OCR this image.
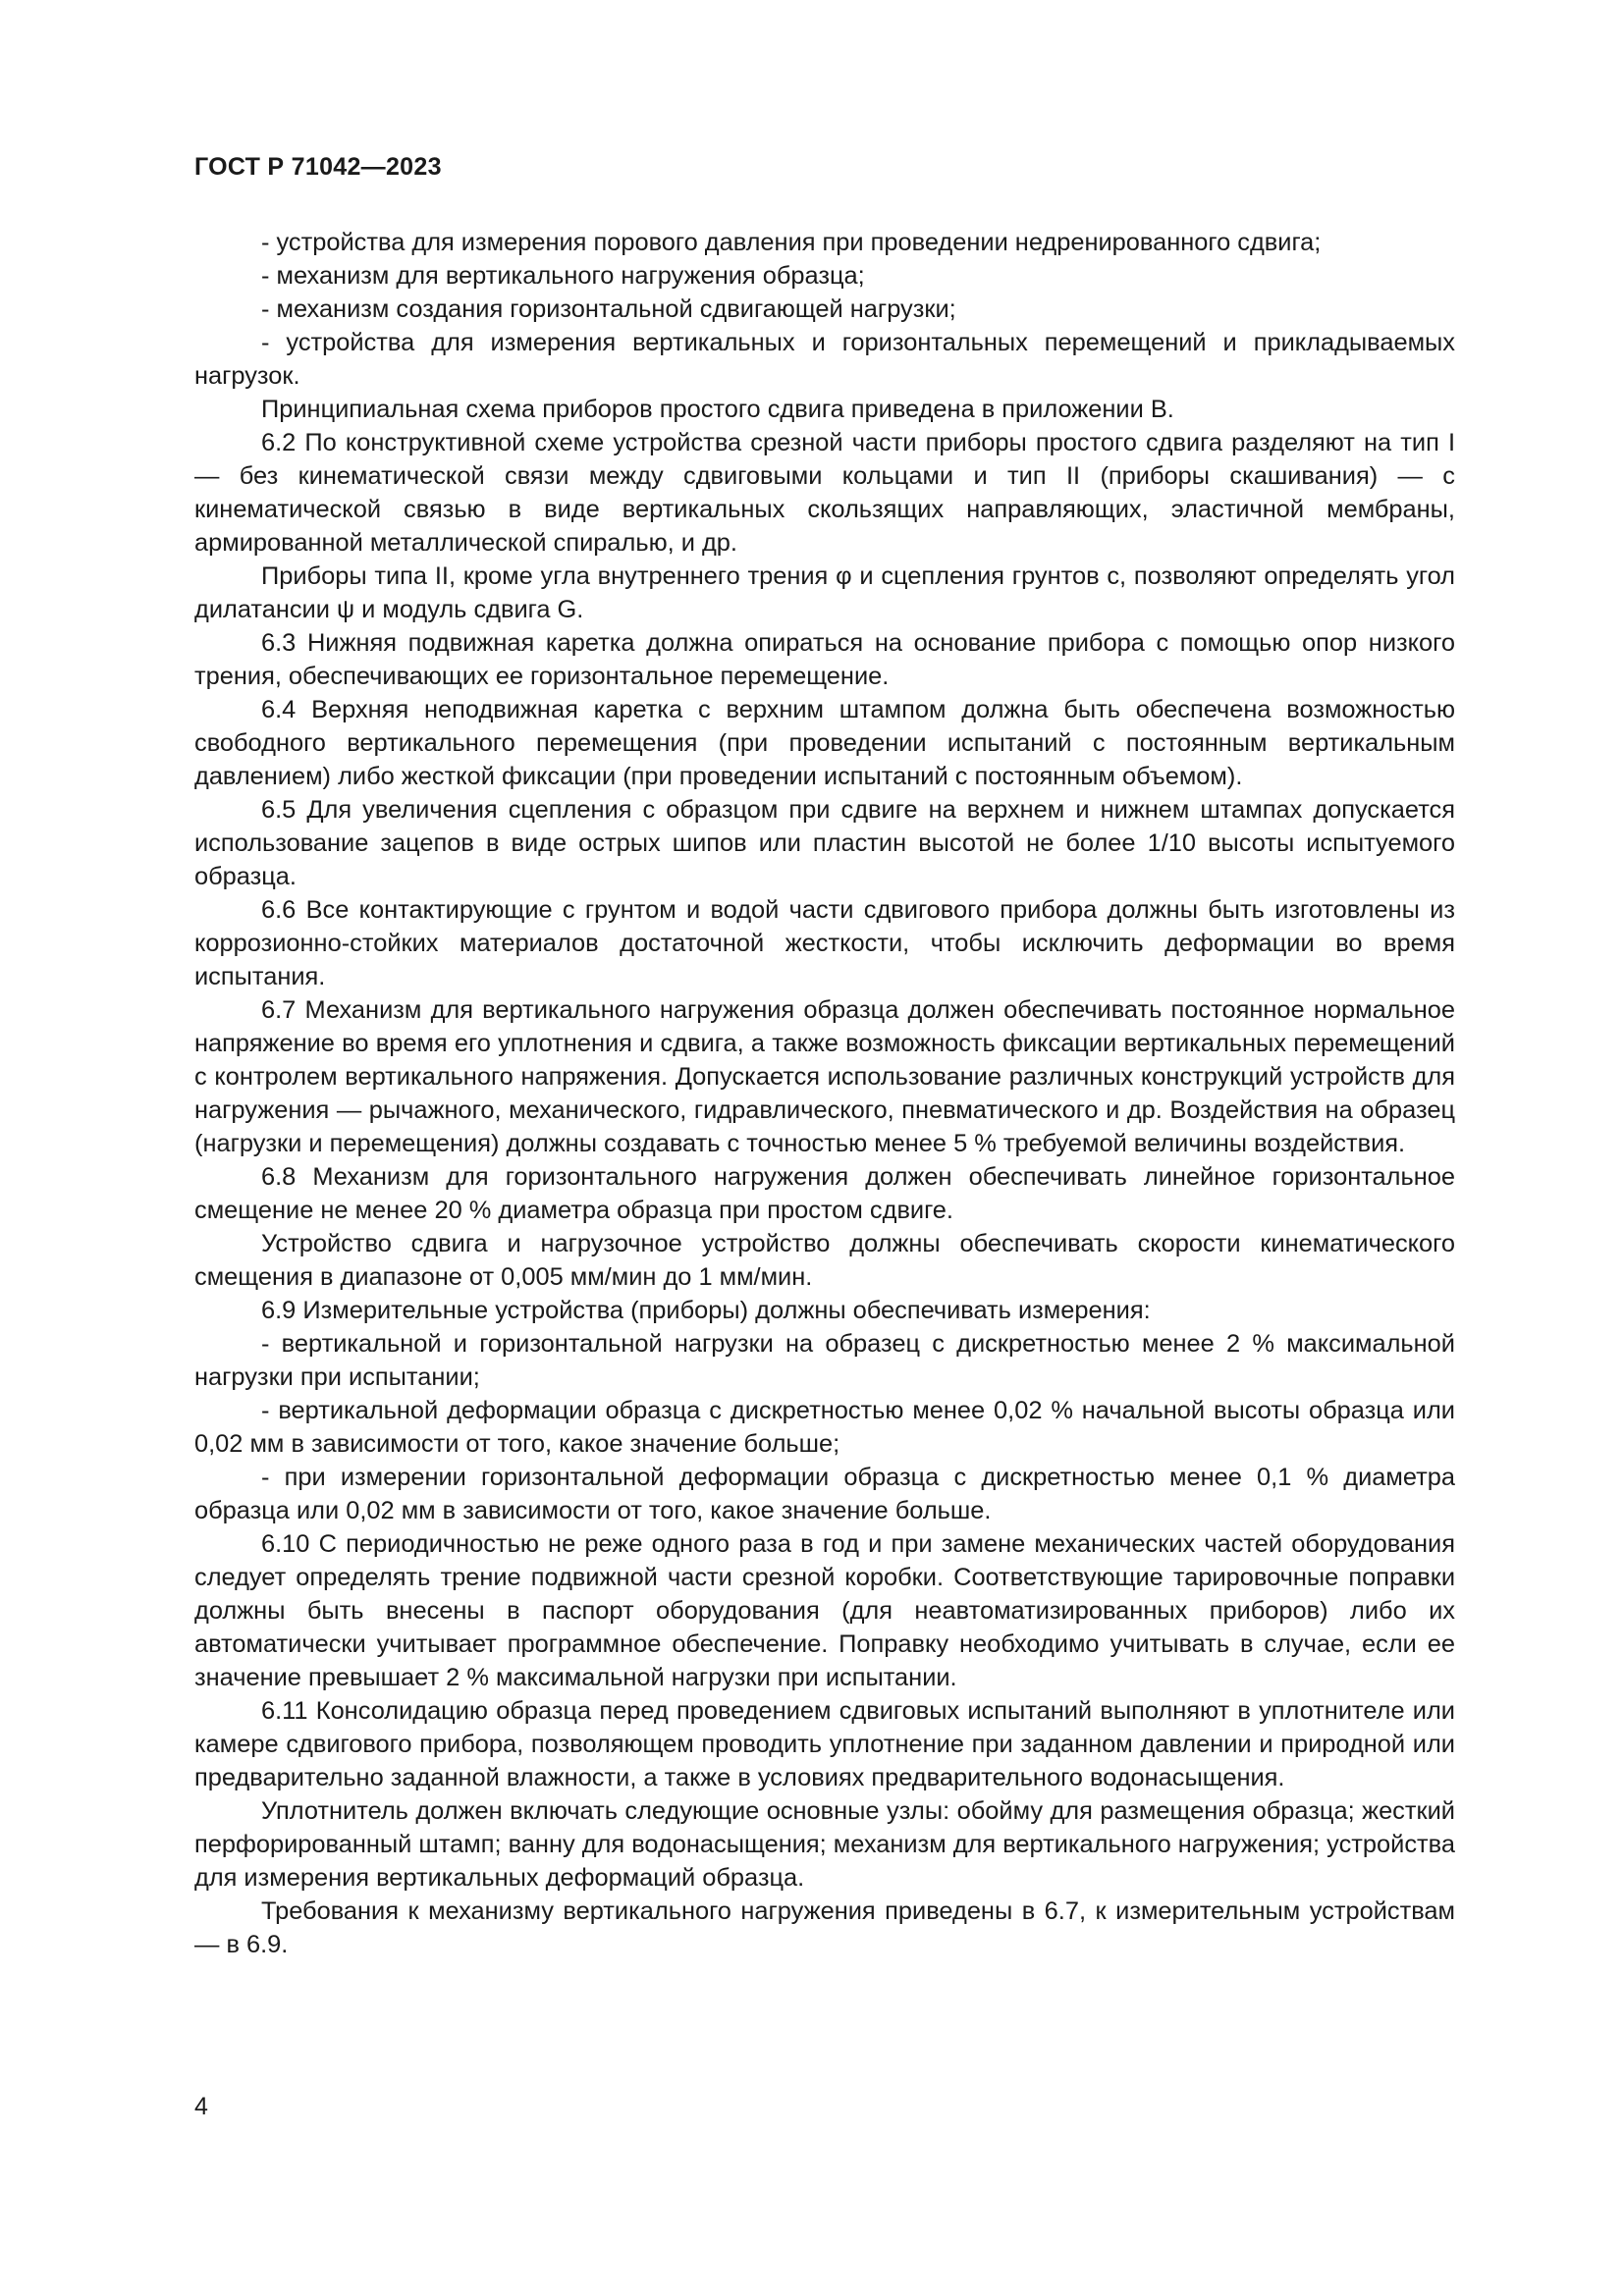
ГОСТ Р 71042—2023

- устройства для измерения порового давления при проведении недренированного сдвига;

- механизм для вертикального нагружения образца;

- механизм создания горизонтальной сдвигающей нагрузки;

- устройства для измерения вертикальных и горизонтальных перемещений и прикладываемых нагрузок.

Принципиальная схема приборов простого сдвига приведена в приложении В.

6.2 По конструктивной схеме устройства срезной части приборы простого сдвига разделяют на тип I — без кинематической связи между сдвиговыми кольцами и тип II (приборы скашивания) — с кинематической связью в виде вертикальных скользящих направляющих, эластичной мембраны, армированной металлической спиралью, и др.

Приборы типа II, кроме угла внутреннего трения φ и сцепления грунтов c, позволяют определять угол дилатансии ψ и модуль сдвига G.

6.3 Нижняя подвижная каретка должна опираться на основание прибора с помощью опор низкого трения, обеспечивающих ее горизонтальное перемещение.

6.4 Верхняя неподвижная каретка с верхним штампом должна быть обеспечена возможностью свободного вертикального перемещения (при проведении испытаний с постоянным вертикальным давлением) либо жесткой фиксации (при проведении испытаний с постоянным объемом).

6.5 Для увеличения сцепления с образцом при сдвиге на верхнем и нижнем штампах допускается использование зацепов в виде острых шипов или пластин высотой не более 1/10 высоты испытуемого образца.

6.6 Все контактирующие с грунтом и водой части сдвигового прибора должны быть изготовлены из коррозионно-стойких материалов достаточной жесткости, чтобы исключить деформации во время испытания.

6.7 Механизм для вертикального нагружения образца должен обеспечивать постоянное нормальное напряжение во время его уплотнения и сдвига, а также возможность фиксации вертикальных перемещений с контролем вертикального напряжения. Допускается использование различных конструкций устройств для нагружения — рычажного, механического, гидравлического, пневматического и др. Воздействия на образец (нагрузки и перемещения) должны создавать с точностью менее 5 % требуемой величины воздействия.

6.8 Механизм для горизонтального нагружения должен обеспечивать линейное горизонтальное смещение не менее 20 % диаметра образца при простом сдвиге.

Устройство сдвига и нагрузочное устройство должны обеспечивать скорости кинематического смещения в диапазоне от 0,005 мм/мин до 1 мм/мин.

6.9 Измерительные устройства (приборы) должны обеспечивать измерения:

- вертикальной и горизонтальной нагрузки на образец с дискретностью менее 2 % максимальной нагрузки при испытании;

- вертикальной деформации образца с дискретностью менее 0,02 % начальной высоты образца или 0,02 мм в зависимости от того, какое значение больше;

- при измерении горизонтальной деформации образца с дискретностью менее 0,1 % диаметра образца или 0,02 мм в зависимости от того, какое значение больше.

6.10 С периодичностью не реже одного раза в год и при замене механических частей оборудования следует определять трение подвижной части срезной коробки. Соответствующие тарировочные поправки должны быть внесены в паспорт оборудования (для неавтоматизированных приборов) либо их автоматически учитывает программное обеспечение. Поправку необходимо учитывать в случае, если ее значение превышает 2 % максимальной нагрузки при испытании.

6.11 Консолидацию образца перед проведением сдвиговых испытаний выполняют в уплотнителе или камере сдвигового прибора, позволяющем проводить уплотнение при заданном давлении и природной или предварительно заданной влажности, а также в условиях предварительного водонасыщения.

Уплотнитель должен включать следующие основные узлы: обойму для размещения образца; жесткий перфорированный штамп; ванну для водонасыщения; механизм для вертикального нагружения; устройства для измерения вертикальных деформаций образца.

Требования к механизму вертикального нагружения приведены в 6.7, к измерительным устройствам — в 6.9.

4
